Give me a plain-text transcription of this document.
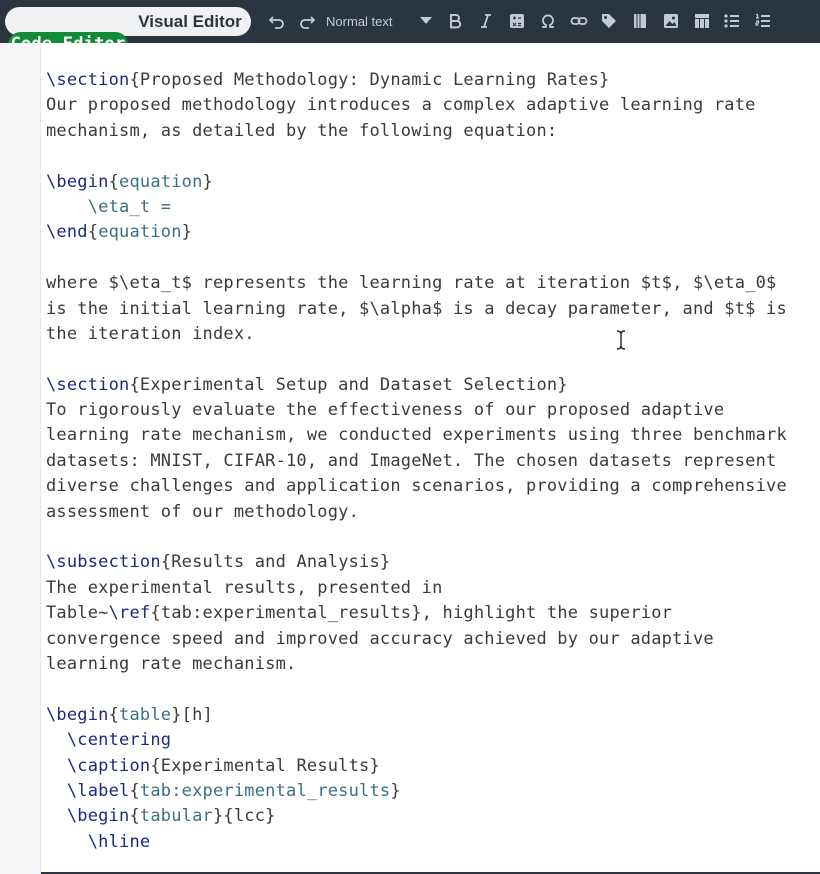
Visual Editor	Normal text
\section{Proposed Methodology: Dynamic Learning Rates}
Our proposed methodology introduces a complex adaptive learning rate
mechanism, as detailed by the following equation:
\begin{equation}
\eta_t =
\end{equation}
where $\eta_t$ represents the learning rate at iteration $t$, $\eta_0$
is the initial learning rate, $\alpha$ is a decay parameter, and $t$ is
the iteration index.
\section{Experimental Setup and Dataset Selection}
To rigorously evaluate the effectiveness of our proposed adaptive
learning rate mechanism, we conducted experiments using three benchmark
datasets: MNIST, CIFAR-10, and ImageNet. The chosen datasets represent
diverse challenges and application scenarios, providing a comprehensive
assessment of our methodology.
\subsection{Results and Analysis}
The experimental results, presented in
Table~\ref{tab:experimental_results}, highlight the superior
convergence speed and improved accuracy achieved by our adaptive
learning rate mechanism.
\begin{table}[h]
\centering
\caption{Experimental Results}
\label{tab:experimental_results}
\begin{tabular}{lcc}
\hline
